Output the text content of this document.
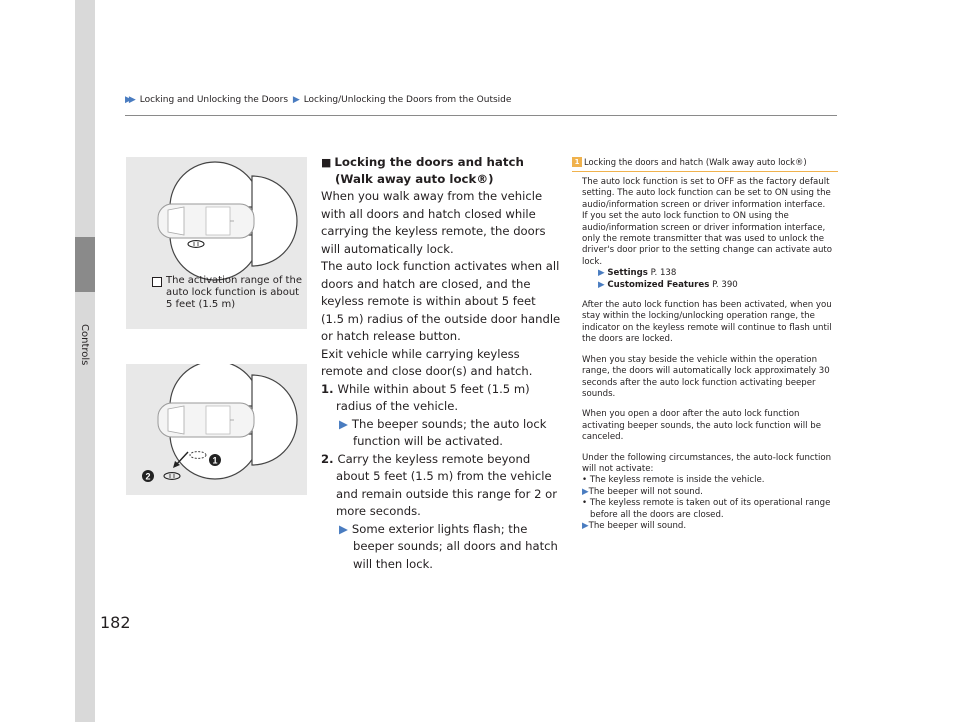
▶▶ Locking and Unlocking the Doors ▶ Locking/Unlocking the Doors from the Outside
The activation range of the auto lock function is about 5 feet (1.5 m)
1
2
■ Locking the doors and hatch (Walk away auto lock®)

When you walk away from the vehicle with all doors and hatch closed while carrying the keyless remote, the doors will automatically lock.

The auto lock function activates when all doors and hatch are closed, and the keyless remote is within about 5 feet (1.5 m) radius of the outside door handle or hatch release button.

Exit vehicle while carrying keyless remote and close door(s) and hatch.

1. While within about 5 feet (1.5 m) radius of the vehicle.

▶ The beeper sounds; the auto lock function will be activated.

2. Carry the keyless remote beyond about 5 feet (1.5 m) from the vehicle and remain outside this range for 2 or more seconds.

▶ Some exterior lights flash; the beeper sounds; all doors and hatch will then lock.

1 Locking the doors and hatch (Walk away auto lock®)

The auto lock function is set to OFF as the factory default setting. The auto lock function can be set to ON using the audio/information screen or driver information interface.

If you set the auto lock function to ON using the audio/information screen or driver information interface, only the remote transmitter that was used to unlock the driver's door prior to the setting change can activate auto lock.

▶ Settings P. 138

▶ Customized Features P. 390

After the auto lock function has been activated, when you stay within the locking/unlocking operation range, the indicator on the keyless remote will continue to flash until the doors are locked.

When you stay beside the vehicle within the operation range, the doors will automatically lock approximately 30 seconds after the auto lock function activating beeper sounds.

When you open a door after the auto lock function activating beeper sounds, the auto lock function will be canceled.

Under the following circumstances, the auto-lock function will not activate:

• The keyless remote is inside the vehicle.

▶The beeper will not sound.

• The keyless remote is taken out of its operational range before all the doors are closed.

▶The beeper will sound.

182
